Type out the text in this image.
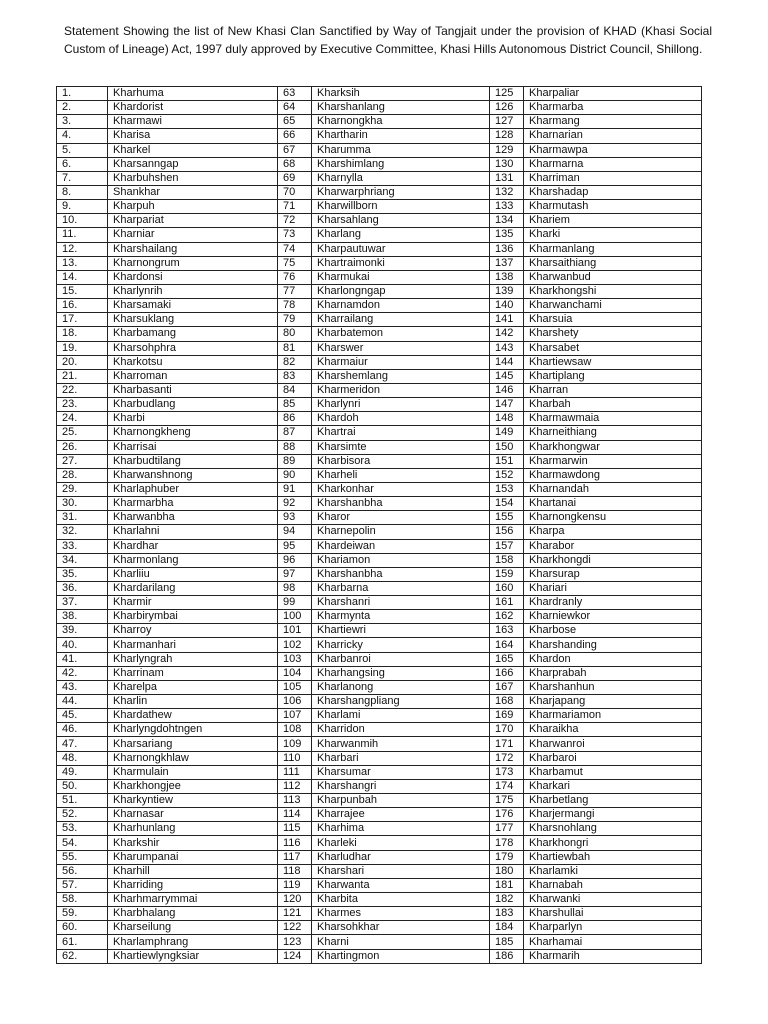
Statement Showing the list of New Khasi Clan Sanctified by Way of Tangjait under the provision of KHAD (Khasi Social Custom of Lineage) Act, 1997 duly approved by Executive Committee, Khasi Hills Autonomous District Council, Shillong.

1.	Kharhuma	63	Kharksih	125	Kharpaliar
2.	Khardorist	64	Kharshanlang	126	Kharmarba
3.	Kharmawi	65	Kharnongkha	127	Kharmang
4.	Kharisa	66	Khartharin	128	Kharnarian
5.	Kharkel	67	Kharumma	129	Kharmawpa
6.	Kharsanngap	68	Kharshimlang	130	Kharmarna
7.	Kharbuhshen	69	Kharnylla	131	Kharriman
8.	Shankhar	70	Kharwarphriang	132	Kharshadap
9.	Kharpuh	71	Kharwillborn	133	Kharmutash
10.	Kharpariat	72	Kharsahlang	134	Khariem
11.	Kharniar	73	Kharlang	135	Kharki
12.	Kharshailang	74	Kharpautuwar	136	Kharmanlang
13.	Kharnongrum	75	Khartraimonki	137	Kharsaithiang
14.	Khardonsi	76	Kharmukai	138	Kharwanbud
15.	Kharlynrih	77	Kharlongngap	139	Kharkhongshi
16.	Kharsamaki	78	Kharnamdon	140	Kharwanchami
17.	Kharsuklang	79	Kharrailang	141	Kharsuia
18.	Kharbamang	80	Kharbatemon	142	Kharshety
19.	Kharsohphra	81	Kharswer	143	Kharsabet
20.	Kharkotsu	82	Kharmaiur	144	Khartiewsaw
21.	Kharroman	83	Kharshemlang	145	Khartiplang
22.	Kharbasanti	84	Kharmeridon	146	Kharran
23.	Kharbudlang	85	Kharlynri	147	Kharbah
24.	Kharbi	86	Khardoh	148	Kharmawmaia
25.	Kharnongkheng	87	Khartrai	149	Kharneithiang
26.	Kharrisai	88	Kharsimte	150	Kharkhongwar
27.	Kharbudtilang	89	Kharbisora	151	Kharmarwin
28.	Kharwanshnong	90	Kharheli	152	Kharmawdong
29.	Kharlaphuber	91	Kharkonhar	153	Kharnandah
30.	Kharmarbha	92	Kharshanbha	154	Khartanai
31.	Kharwanbha	93	Kharor	155	Kharnongkensu
32.	Kharlahni	94	Kharnepolin	156	Kharpa
33.	Khardhar	95	Khardeiwan	157	Kharabor
34.	Kharmonlang	96	Khariamon	158	Kharkhongdi
35.	Kharliiu	97	Kharshanbha	159	Kharsurap
36.	Khardarilang	98	Kharbarna	160	Khariari
37.	Kharmir	99	Kharshanri	161	Khardranly
38.	Kharbirymbai	100	Kharmynta	162	Kharniewkor
39.	Kharroy	101	Khartiewri	163	Kharbose
40.	Kharmanhari	102	Kharricky	164	Kharshanding
41.	Kharlyngrah	103	Kharbanroi	165	Khardon
42.	Kharrinam	104	Kharhangsing	166	Kharprabah
43.	Kharelpa	105	Kharlanong	167	Kharshanhun
44.	Kharlin	106	Kharshangpliang	168	Kharjapang
45.	Khardathew	107	Kharlami	169	Kharmariamon
46.	Kharlyngdohtngen	108	Kharridon	170	Kharaikha
47.	Kharsariang	109	Kharwanmih	171	Kharwanroi
48.	Kharnongkhlaw	110	Kharbari	172	Kharbaroi
49.	Kharmulain	111	Kharsumar	173	Kharbamut
50.	Kharkhongjee	112	Kharshangri	174	Kharkari
51.	Kharkyntiew	113	Kharpunbah	175	Kharbetlang
52.	Kharnasar	114	Kharrajee	176	Kharjermangi
53.	Kharhunlang	115	Kharhima	177	Kharsnohlang
54.	Kharkshir	116	Kharleki	178	Kharkhongri
55.	Kharumpanai	117	Kharludhar	179	Khartiewbah
56.	Kharhill	118	Kharshari	180	Kharlamki
57.	Kharriding	119	Kharwanta	181	Kharnabah
58.	Kharhmarrymmai	120	Kharbita	182	Kharwanki
59.	Kharbhalang	121	Kharmes	183	Kharshullai
60.	Kharseilung	122	Kharsohkhar	184	Kharparlyn
61.	Kharlamphrang	123	Kharni	185	Kharhamai
62.	Khartiewlyngksiar	124	Khartingmon	186	Kharmarih
